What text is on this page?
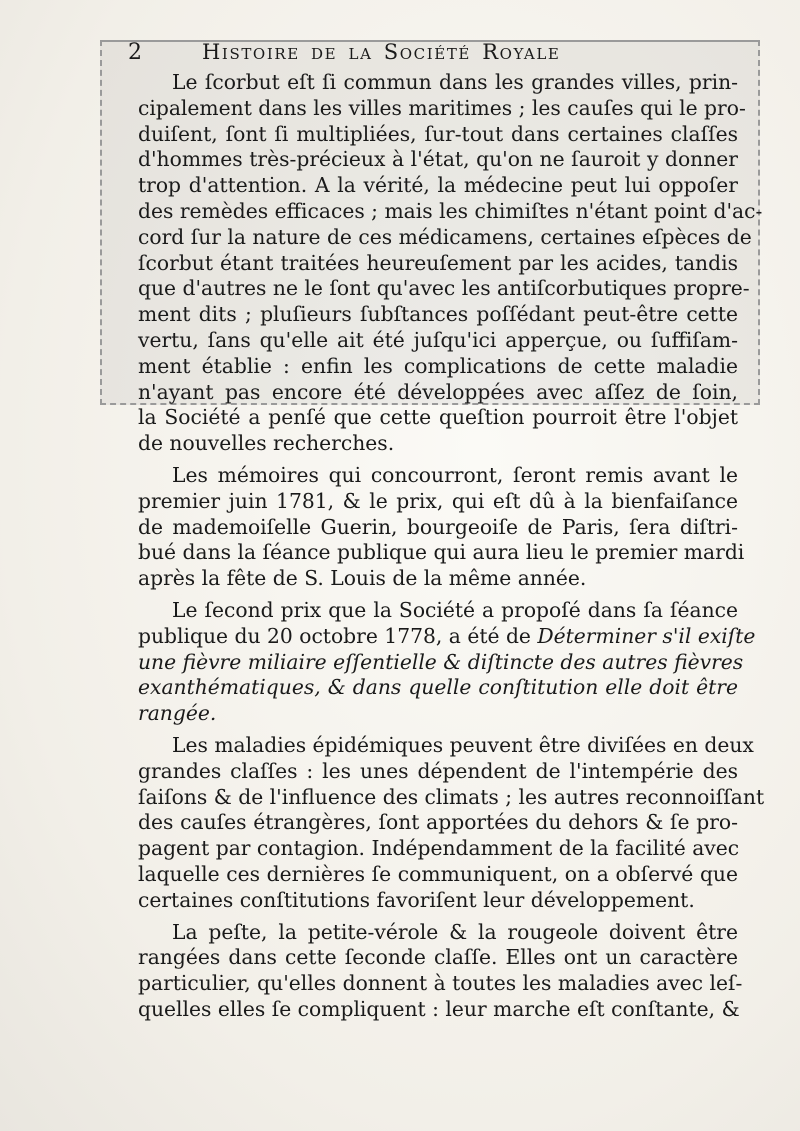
2	Histoire de la Société Royale
Le ſcorbut eſt ſi commun dans les grandes villes, prin-
cipalement dans les villes maritimes ; les cauſes qui le pro-
duiſent, ſont ſi multipliées, ſur-tout dans certaines claſſes
d'hommes très-précieux à l'état, qu'on ne ſauroit y donner
trop d'attention. A la vérité, la médecine peut lui oppoſer
des remèdes efficaces ; mais les chimiſtes n'étant point d'ac-
cord ſur la nature de ces médicamens, certaines eſpèces de
ſcorbut étant traitées heureuſement par les acides, tandis
que d'autres ne le ſont qu'avec les antiſcorbutiques propre-
ment dits ; pluſieurs ſubſtances poſſédant peut-être cette
vertu, ſans qu'elle ait été juſqu'ici apperçue, ou ſuffiſam-
ment établie : enfin les complications de cette maladie
n'ayant pas encore été développées avec aſſez de ſoin,
la Société a penſé que cette queſtion pourroit être l'objet
de nouvelles recherches.
Les mémoires qui concourront, ſeront remis avant le
premier juin 1781, & le prix, qui eſt dû à la bienfaiſance
de mademoiſelle Guerin, bourgeoiſe de Paris, ſera diſtri-
bué dans la ſéance publique qui aura lieu le premier mardi
après la fête de S. Louis de la même année.
Le ſecond prix que la Société a propoſé dans ſa ſéance
publique du 20 octobre 1778, a été de Déterminer s'il exiſte
une fièvre miliaire eſſentielle & diſtincte des autres fièvres
exanthématiques, & dans quelle conſtitution elle doit être
rangée.
Les maladies épidémiques peuvent être diviſées en deux
grandes claſſes : les unes dépendent de l'intempérie des
ſaiſons & de l'influence des climats ; les autres reconnoiſſant
des cauſes étrangères, ſont apportées du dehors & ſe pro-
pagent par contagion. Indépendamment de la facilité avec
laquelle ces dernières ſe communiquent, on a obſervé que
certaines conſtitutions favoriſent leur développement.
La peſte, la petite-vérole & la rougeole doivent être
rangées dans cette ſeconde claſſe. Elles ont un caractère
particulier, qu'elles donnent à toutes les maladies avec leſ-
quelles elles ſe compliquent : leur marche eſt conſtante, &
